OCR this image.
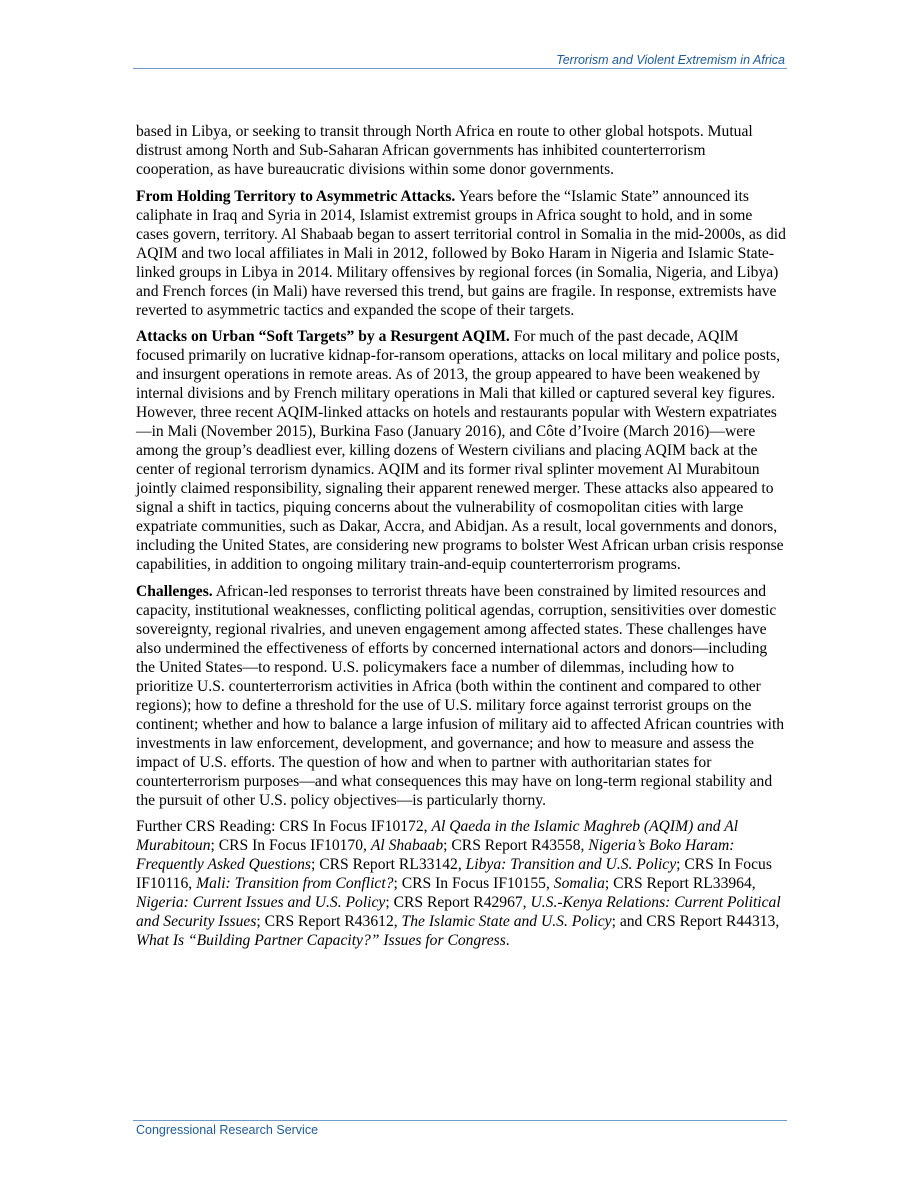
Terrorism and Violent Extremism in Africa

based in Libya, or seeking to transit through North Africa en route to other global hotspots. Mutual distrust among North and Sub-Saharan African governments has inhibited counterterrorism cooperation, as have bureaucratic divisions within some donor governments.

From Holding Territory to Asymmetric Attacks. Years before the “Islamic State” announced its caliphate in Iraq and Syria in 2014, Islamist extremist groups in Africa sought to hold, and in some cases govern, territory. Al Shabaab began to assert territorial control in Somalia in the mid-2000s, as did AQIM and two local affiliates in Mali in 2012, followed by Boko Haram in Nigeria and Islamic State-linked groups in Libya in 2014. Military offensives by regional forces (in Somalia, Nigeria, and Libya) and French forces (in Mali) have reversed this trend, but gains are fragile. In response, extremists have reverted to asymmetric tactics and expanded the scope of their targets.

Attacks on Urban “Soft Targets” by a Resurgent AQIM. For much of the past decade, AQIM focused primarily on lucrative kidnap-for-ransom operations, attacks on local military and police posts, and insurgent operations in remote areas. As of 2013, the group appeared to have been weakened by internal divisions and by French military operations in Mali that killed or captured several key figures. However, three recent AQIM-linked attacks on hotels and restaurants popular with Western expatriates—in Mali (November 2015), Burkina Faso (January 2016), and Côte d’Ivoire (March 2016)—were among the group’s deadliest ever, killing dozens of Western civilians and placing AQIM back at the center of regional terrorism dynamics. AQIM and its former rival splinter movement Al Murabitoun jointly claimed responsibility, signaling their apparent renewed merger. These attacks also appeared to signal a shift in tactics, piquing concerns about the vulnerability of cosmopolitan cities with large expatriate communities, such as Dakar, Accra, and Abidjan. As a result, local governments and donors, including the United States, are considering new programs to bolster West African urban crisis response capabilities, in addition to ongoing military train-and-equip counterterrorism programs.

Challenges. African-led responses to terrorist threats have been constrained by limited resources and capacity, institutional weaknesses, conflicting political agendas, corruption, sensitivities over domestic sovereignty, regional rivalries, and uneven engagement among affected states. These challenges have also undermined the effectiveness of efforts by concerned international actors and donors—including the United States—to respond. U.S. policymakers face a number of dilemmas, including how to prioritize U.S. counterterrorism activities in Africa (both within the continent and compared to other regions); how to define a threshold for the use of U.S. military force against terrorist groups on the continent; whether and how to balance a large infusion of military aid to affected African countries with investments in law enforcement, development, and governance; and how to measure and assess the impact of U.S. efforts. The question of how and when to partner with authoritarian states for counterterrorism purposes—and what consequences this may have on long-term regional stability and the pursuit of other U.S. policy objectives—is particularly thorny.

Further CRS Reading: CRS In Focus IF10172, Al Qaeda in the Islamic Maghreb (AQIM) and Al Murabitoun; CRS In Focus IF10170, Al Shabaab; CRS Report R43558, Nigeria’s Boko Haram: Frequently Asked Questions; CRS Report RL33142, Libya: Transition and U.S. Policy; CRS In Focus IF10116, Mali: Transition from Conflict?; CRS In Focus IF10155, Somalia; CRS Report RL33964, Nigeria: Current Issues and U.S. Policy; CRS Report R42967, U.S.-Kenya Relations: Current Political and Security Issues; CRS Report R43612, The Islamic State and U.S. Policy; and CRS Report R44313, What Is “Building Partner Capacity?” Issues for Congress.

Congressional Research Service
